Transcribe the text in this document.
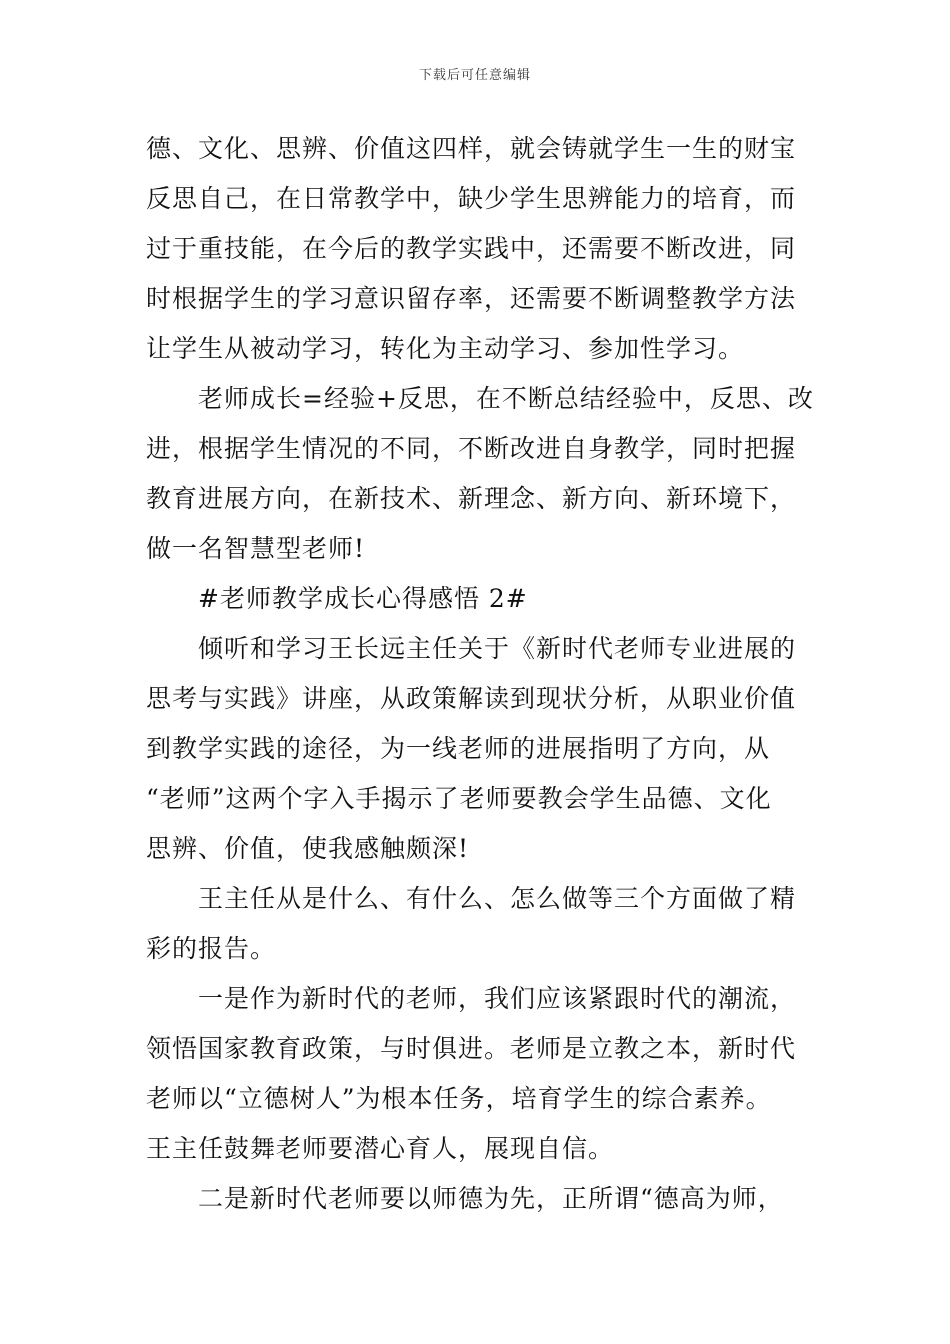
下载后可任意编辑
德、文化、思辨、价值这四样，就会铸就学生一生的财宝
反思自己，在日常教学中，缺少学生思辨能力的培育，而
过于重技能，在今后的教学实践中，还需要不断改进，同
时根据学生的学习意识留存率，还需要不断调整教学方法
让学生从被动学习，转化为主动学习、参加性学习。
老师成长=经验+反思，在不断总结经验中，反思、改
进，根据学生情况的不同，不断改进自身教学，同时把握
教育进展方向，在新技术、新理念、新方向、新环境下，
做一名智慧型老师!
#老师教学成长心得感悟 2#
倾听和学习王长远主任关于《新时代老师专业进展的
思考与实践》讲座，从政策解读到现状分析，从职业价值
到教学实践的途径，为一线老师的进展指明了方向，从
“老师”这两个字入手揭示了老师要教会学生品德、文化
思辨、价值，使我感触颇深!
王主任从是什么、有什么、怎么做等三个方面做了精
彩的报告。
一是作为新时代的老师，我们应该紧跟时代的潮流，
领悟国家教育政策，与时俱进。老师是立教之本，新时代
老师以“立德树人”为根本任务，培育学生的综合素养。
王主任鼓舞老师要潜心育人，展现自信。
二是新时代老师要以师德为先，正所谓“德高为师，
